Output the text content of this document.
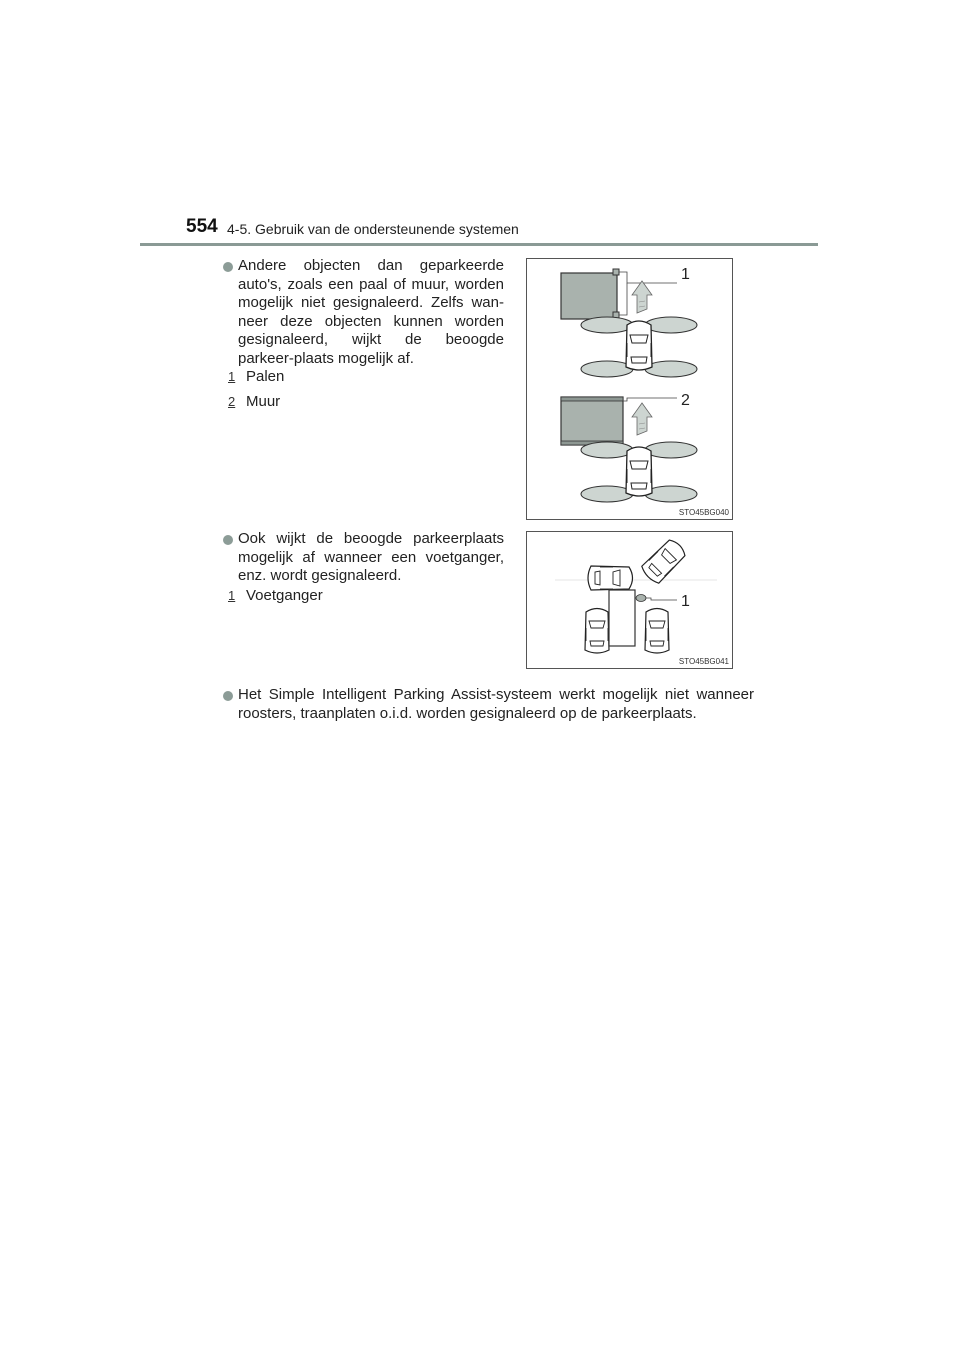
554 4-5. Gebruik van de ondersteunende systemen
Andere objecten dan geparkeerde auto's, zoals een paal of muur, worden mogelijk niet gesignaleerd. Zelfs wan-neer deze objecten kunnen worden gesignaleerd, wijkt de beoogde parkeer-plaats mogelijk af.
1 Palen
2 Muur
1
2
STO45BG040
Ook wijkt de beoogde parkeerplaats mogelijk af wanneer een voetganger, enz. wordt gesignaleerd.
1 Voetganger	1
STO45BG041
Het Simple Intelligent Parking Assist-systeem werkt mogelijk niet wanneer roosters, traanplaten o.i.d. worden gesignaleerd op de parkeerplaats.
